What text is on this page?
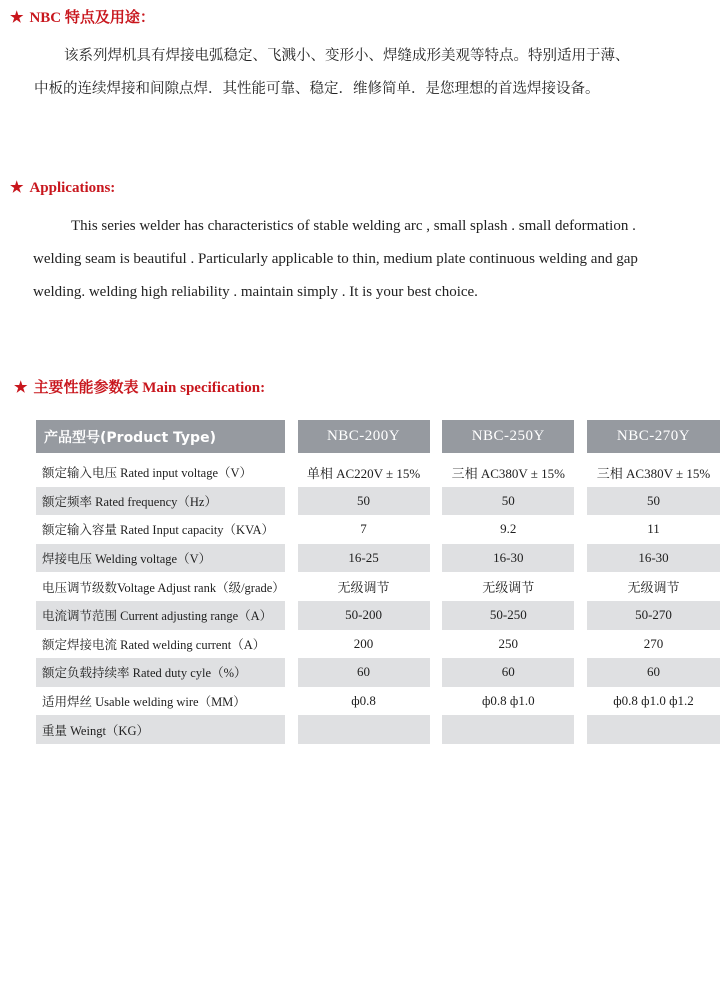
★ NBC 特点及用途：

该系列焊机具有焊接电弧稳定、飞溅小、变形小、焊缝成形美观等特点。特别适用于薄、中板的连续焊接和间隙点焊．其性能可靠、稳定．维修简单．是您理想的首选焊接设备。

★ Applications:

This series welder has characteristics of stable welding arc , small splash . small deformation . welding seam is beautiful . Particularly applicable to thin, medium plate continuous welding and gap welding. welding high reliability . maintain simply . It is your best choice.

★ 主要性能参数表 Main specification:
产品型号(Product Type)		NBC-200Y		NBC-250Y		NBC-270Y
额定输入电压 Rated input voltage（V）		单相 AC220V ± 15%		三相 AC380V ± 15%		三相 AC380V ± 15%
额定频率 Rated frequency（Hz）		50		50		50
额定输入容量 Rated Input capacity（KVA）		7		9.2		11
焊接电压 Welding voltage（V）		16-25		16-30		16-30
电压调节级数Voltage Adjust rank（级/grade）		无级调节		无级调节		无级调节
电流调节范围 Current adjusting range（A）		50-200		50-250		50-270
额定焊接电流 Rated welding current（A）		200		250		270
额定负载持续率 Rated duty cyle（%）		60		60		60
适用焊丝 Usable welding wire（MM）		ф0.8		ф0.8 ф1.0		ф0.8 ф1.0 ф1.2
重量 Weingt（KG）						
